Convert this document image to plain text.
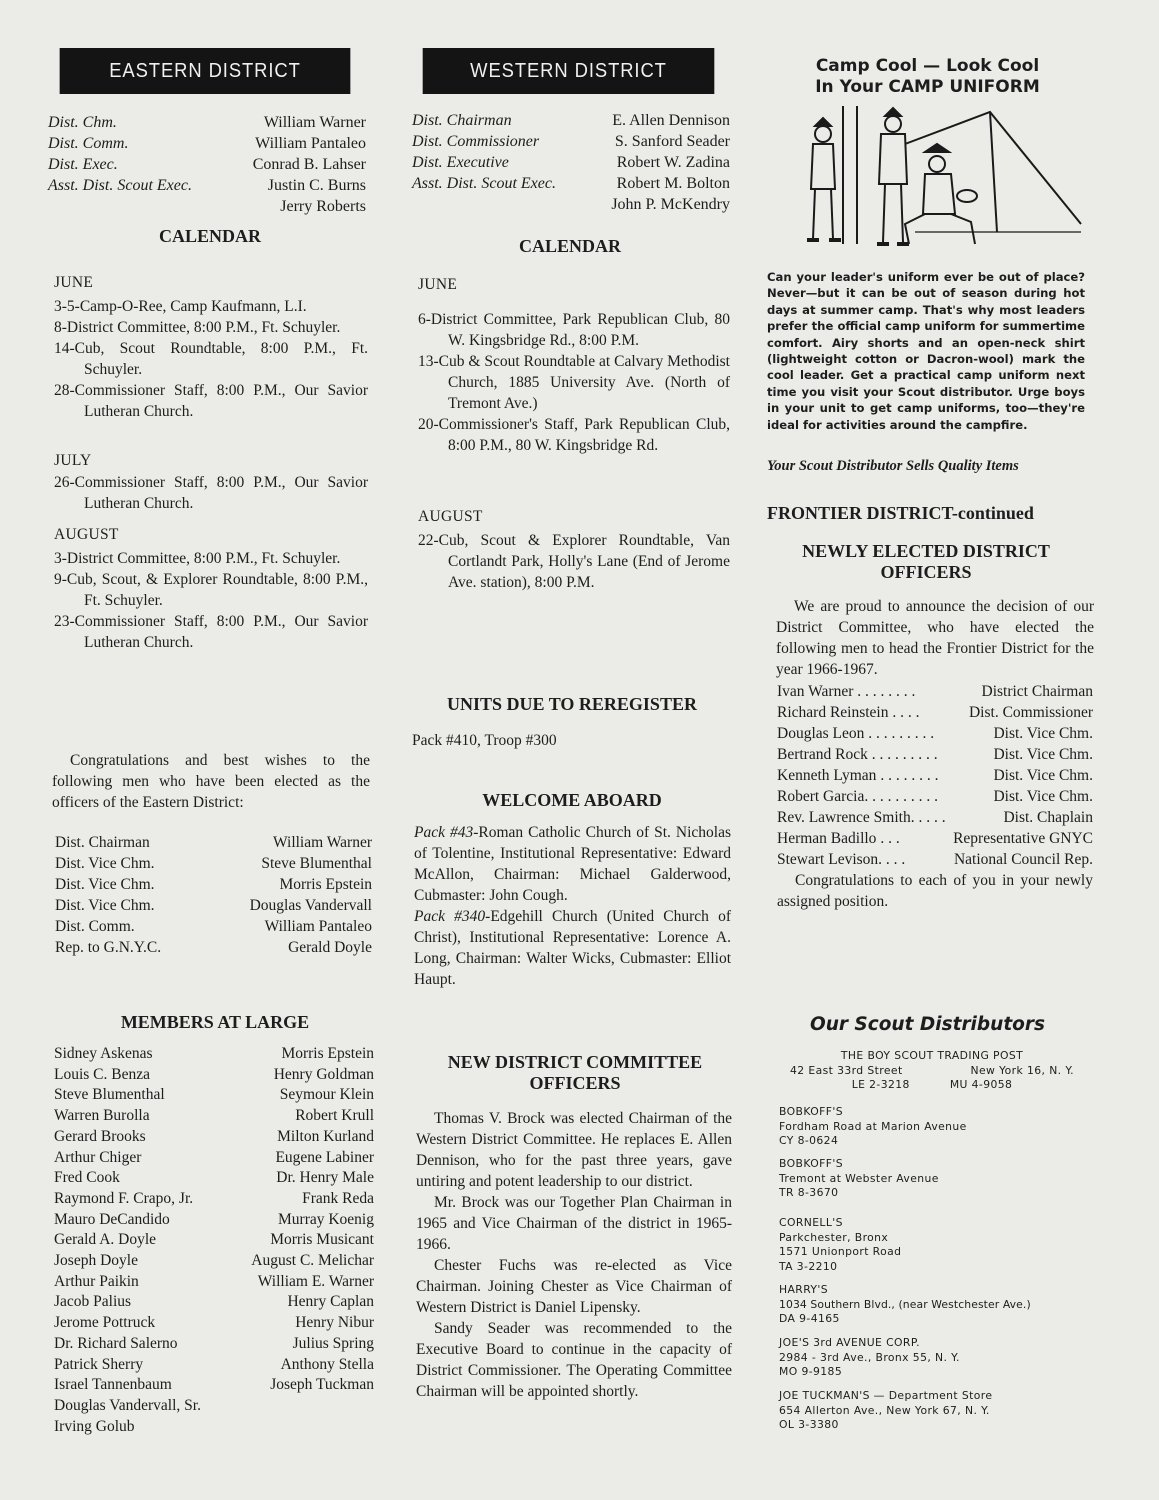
EASTERN DISTRICT
Dist. Chm.	William Warner
Dist. Comm.	William Pantaleo
Dist. Exec.	Conrad B. Lahser
Asst. Dist. Scout Exec.	Justin C. Burns
Jerry Roberts
CALENDAR
JUNE

3-5-Camp-O-Ree, Camp Kaufmann, L.I.

8-District Committee, 8:00 P.M., Ft. Schuyler.

14-Cub, Scout Roundtable, 8:00 P.M., Ft. Schuyler.

28-Commissioner Staff, 8:00 P.M., Our Savior Lutheran Church.

JULY

26-Commissioner Staff, 8:00 P.M., Our Savior Lutheran Church.

AUGUST

3-District Committee, 8:00 P.M., Ft. Schuyler.

9-Cub, Scout, & Explorer Roundtable, 8:00 P.M., Ft. Schuyler.

23-Commissioner Staff, 8:00 P.M., Our Savior Lutheran Church.

Congratulations and best wishes to the following men who have been elected as the officers of the Eastern District:

Dist. Chairman	William Warner
Dist. Vice Chm.	Steve Blumenthal
Dist. Vice Chm.	Morris Epstein
Dist. Vice Chm.	Douglas Vandervall
Dist. Comm.	William Pantaleo
Rep. to G.N.Y.C.	Gerald Doyle
MEMBERS AT LARGE
Sidney Askenas	Morris Epstein
Louis C. Benza	Henry Goldman
Steve Blumenthal	Seymour Klein
Warren Burolla	Robert Krull
Gerard Brooks	Milton Kurland
Arthur Chiger	Eugene Labiner
Fred Cook	Dr. Henry Male
Raymond F. Crapo, Jr.	Frank Reda
Mauro DeCandido	Murray Koenig
Gerald A. Doyle	Morris Musicant
Joseph Doyle	August C. Melichar
Arthur Paikin	William E. Warner
Jacob Palius	Henry Caplan
Jerome Pottruck	Henry Nibur
Dr. Richard Salerno	Julius Spring
Patrick Sherry	Anthony Stella
Israel Tannenbaum	Joseph Tuckman
Douglas Vandervall, Sr.
Irving Golub
WESTERN DISTRICT
Dist. Chairman	E. Allen Dennison
Dist. Commissioner	S. Sanford Seader
Dist. Executive	Robert W. Zadina
Asst. Dist. Scout Exec.	Robert M. Bolton
John P. McKendry
CALENDAR
JUNE

6-District Committee, Park Republican Club, 80 W. Kingsbridge Rd., 8:00 P.M.

13-Cub & Scout Roundtable at Calvary Methodist Church, 1885 University Ave. (North of Tremont Ave.)

20-Commissioner's Staff, Park Republican Club, 8:00 P.M., 80 W. Kingsbridge Rd.

AUGUST

22-Cub, Scout & Explorer Roundtable, Van Cortlandt Park, Holly's Lane (End of Jerome Ave. station), 8:00 P.M.

UNITS DUE TO REREGISTER
Pack #410, Troop #300
WELCOME ABOARD
Pack #43-Roman Catholic Church of St. Nicholas of Tolentine, Institutional Representative: Edward McAllon, Chairman: Michael Galderwood, Cubmaster: John Cough.
Pack #340-Edgehill Church (United Church of Christ), Institutional Representative: Lorence A. Long, Chairman: Walter Wicks, Cubmaster: Elliot Haupt.
NEW DISTRICT COMMITTEE OFFICERS

Thomas V. Brock was elected Chairman of the Western District Committee. He replaces E. Allen Dennison, who for the past three years, gave untiring and potent leadership to our district.

Mr. Brock was our Together Plan Chairman in 1965 and Vice Chairman of the district in 1965-1966.

Chester Fuchs was re-elected as Vice Chairman. Joining Chester as Vice Chairman of Western District is Daniel Lipensky.

Sandy Seader was recommended to the Executive Board to continue in the capacity of District Commissioner. The Operating Committee Chairman will be appointed shortly.

Camp Cool — Look Cool
In Your CAMP UNIFORM

Can your leader's uniform ever be out of place? Never—but it can be out of season during hot days at summer camp. That's why most leaders prefer the official camp uniform for summertime comfort. Airy shorts and an open-neck shirt (lightweight cotton or Dacron-wool) mark the cool leader. Get a practical camp uniform next time you visit your Scout distributor. Urge boys in your unit to get camp uniforms, too—they're ideal for activities around the campfire.

Your Scout Distributor Sells Quality Items
FRONTIER DISTRICT-continued
NEWLY ELECTED DISTRICT
OFFICERS

We are proud to announce the decision of our District Committee, who have elected the following men to head the Frontier District for the year 1966-1967.

Ivan Warner . . . . . . . .	District Chairman
Richard Reinstein . . . .	Dist. Commissioner
Douglas Leon . . . . . . . . .	Dist. Vice Chm.
Bertrand Rock . . . . . . . . .	Dist. Vice Chm.
Kenneth Lyman . . . . . . . .	Dist. Vice Chm.
Robert Garcia. . . . . . . . . .	Dist. Vice Chm.
Rev. Lawrence Smith. . . . .	Dist. Chaplain
Herman Badillo . . .	Representative GNYC
Stewart Levison. . . .	National Council Rep.

Congratulations to each of you in your newly assigned position.

Our Scout Distributors
THE BOY SCOUT TRADING POST
42 East 33rd Street	New York 16, N. Y.
LE 2-3218	MU 4-9058
BOBKOFF'S
Fordham Road at Marion Avenue
CY 8-0624
BOBKOFF'S
Tremont at Webster Avenue
TR 8-3670
CORNELL'S
Parkchester, Bronx
1571 Unionport Road
TA 3-2210
HARRY'S
1034 Southern Blvd., (near Westchester Ave.)
DA 9-4165
JOE'S 3rd AVENUE CORP.
2984 - 3rd Ave., Bronx 55, N. Y.
MO 9-9185
JOE TUCKMAN'S — Department Store
654 Allerton Ave., New York 67, N. Y.
OL 3-3380
